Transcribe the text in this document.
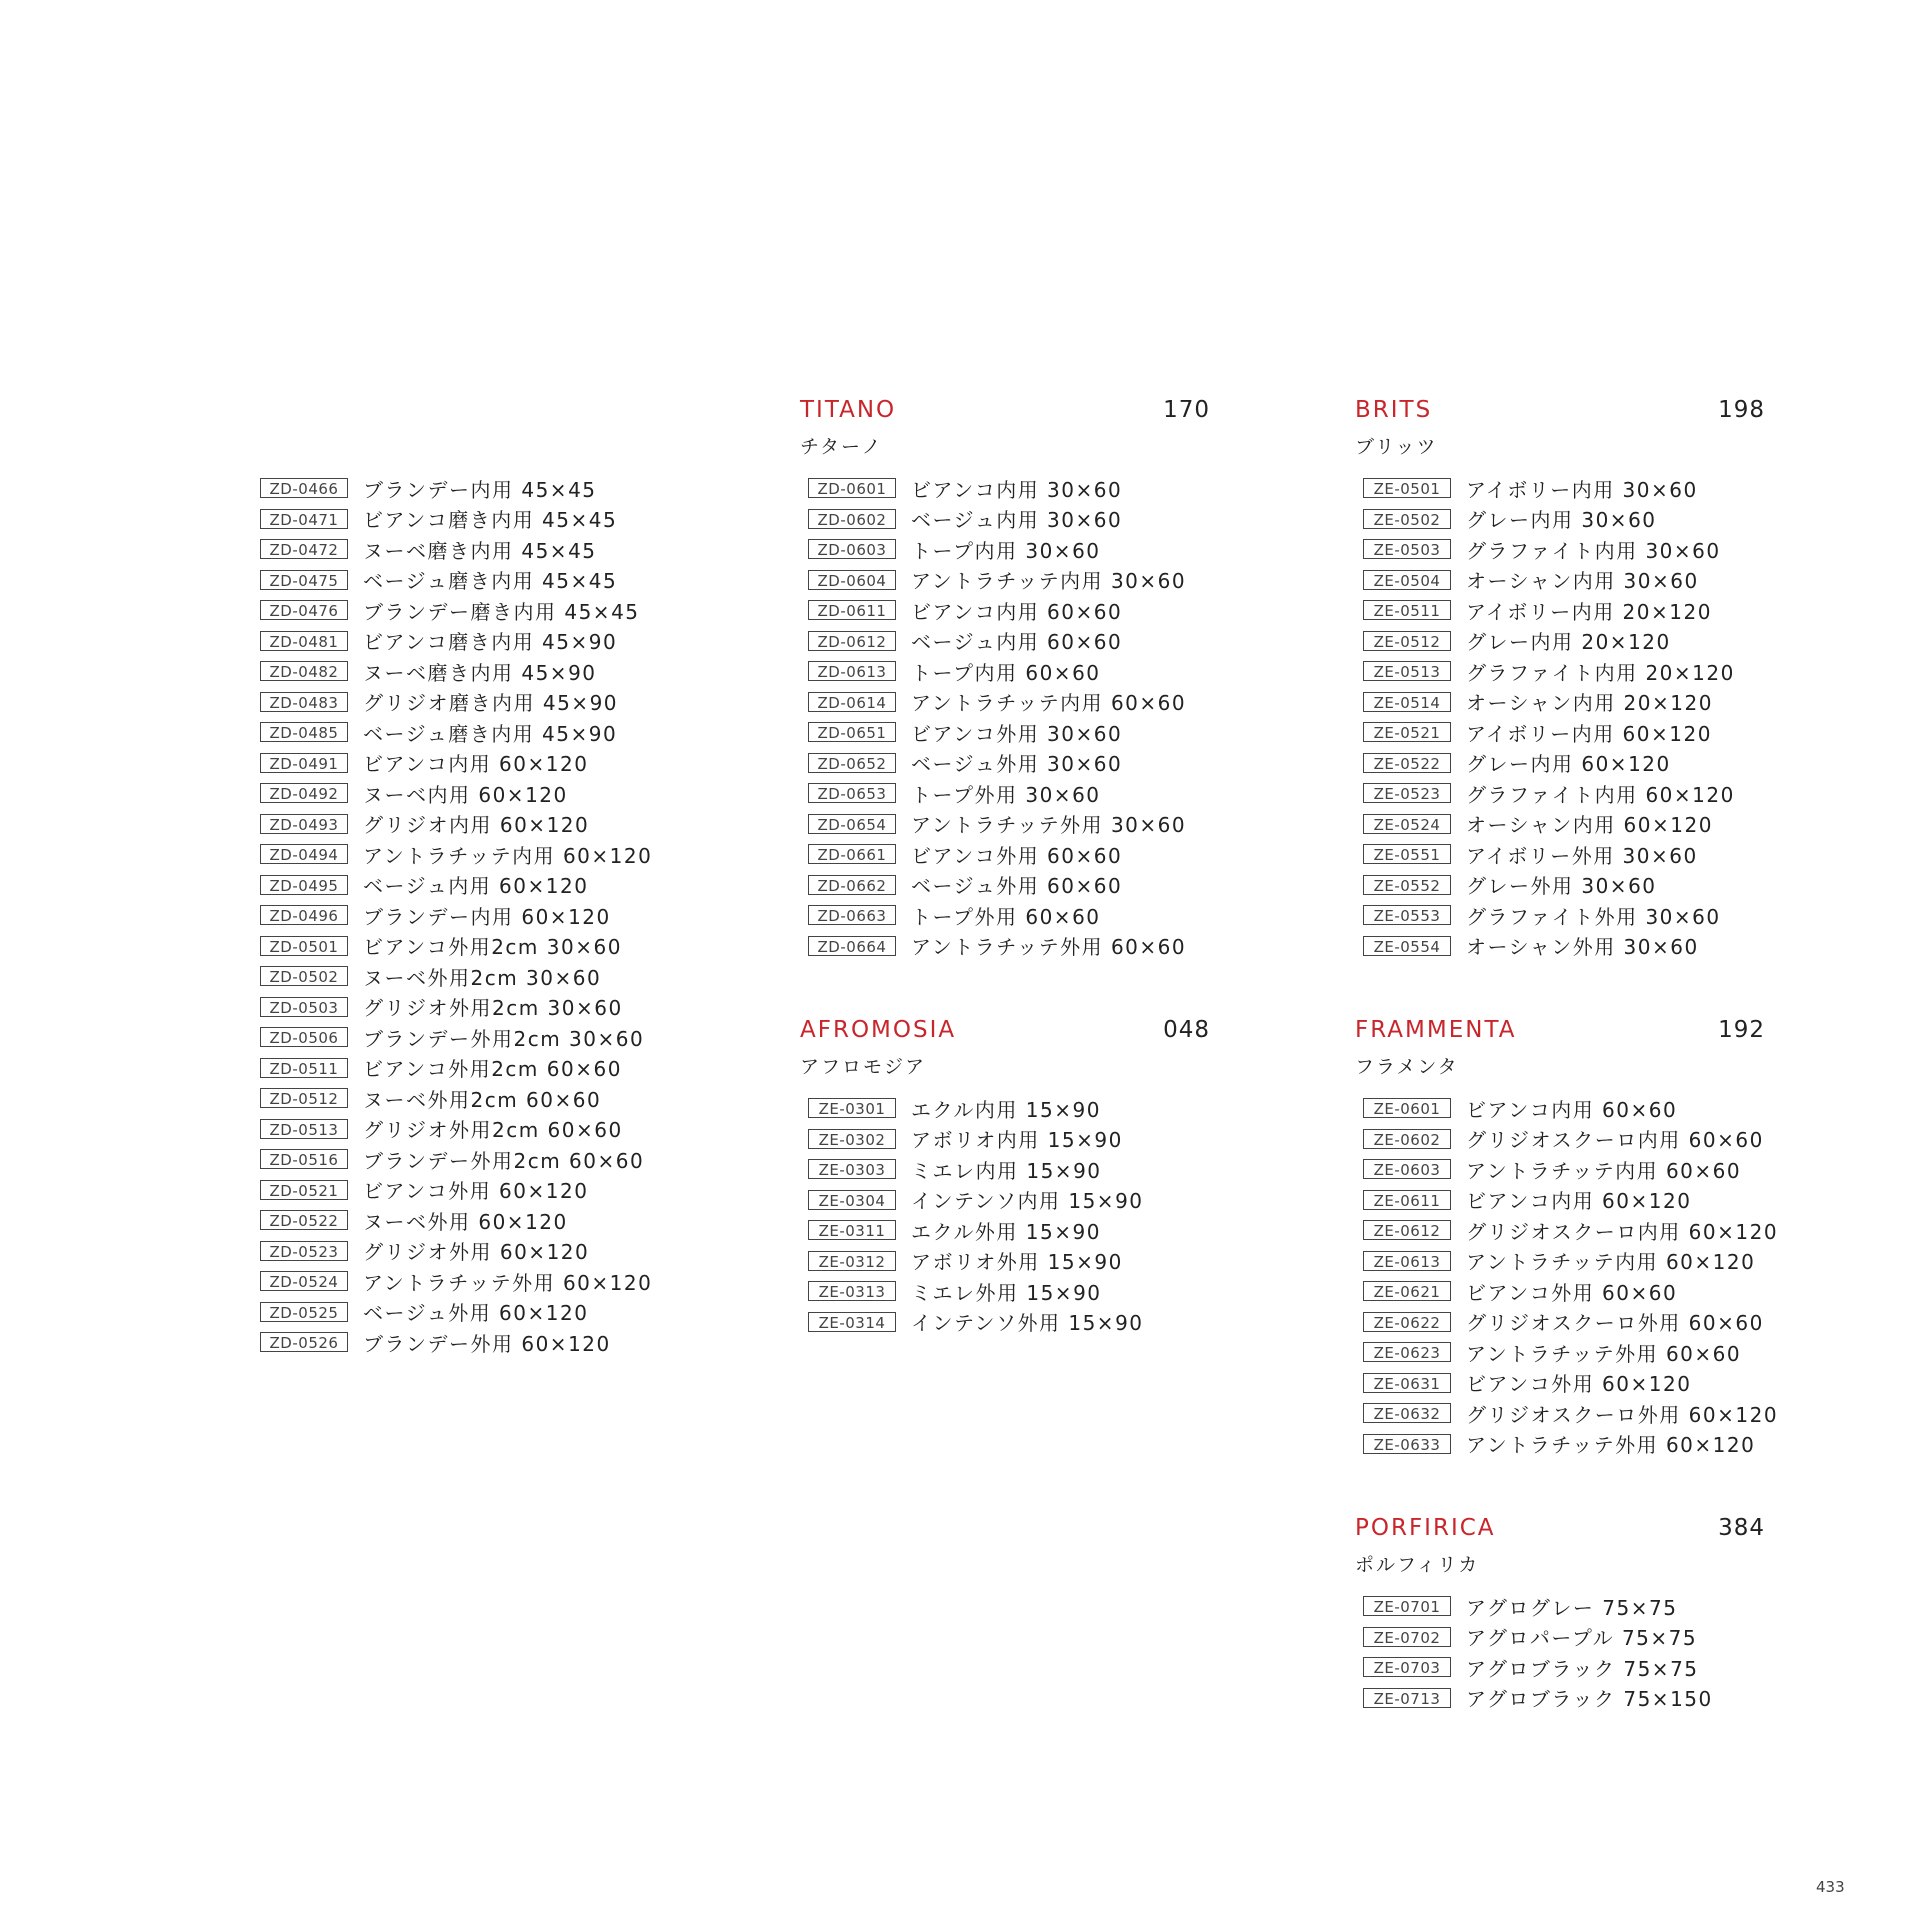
ZD-0466	ブランデー内用 45×45
ZD-0471	ビアンコ磨き内用 45×45
ZD-0472	ヌーベ磨き内用 45×45
ZD-0475	ベージュ磨き内用 45×45
ZD-0476	ブランデー磨き内用 45×45
ZD-0481	ビアンコ磨き内用 45×90
ZD-0482	ヌーベ磨き内用 45×90
ZD-0483	グリジオ磨き内用 45×90
ZD-0485	ベージュ磨き内用 45×90
ZD-0491	ビアンコ内用 60×120
ZD-0492	ヌーベ内用 60×120
ZD-0493	グリジオ内用 60×120
ZD-0494	アントラチッテ内用 60×120
ZD-0495	ベージュ内用 60×120
ZD-0496	ブランデー内用 60×120
ZD-0501	ビアンコ外用2cm 30×60
ZD-0502	ヌーベ外用2cm 30×60
ZD-0503	グリジオ外用2cm 30×60
ZD-0506	ブランデー外用2cm 30×60
ZD-0511	ビアンコ外用2cm 60×60
ZD-0512	ヌーベ外用2cm 60×60
ZD-0513	グリジオ外用2cm 60×60
ZD-0516	ブランデー外用2cm 60×60
ZD-0521	ビアンコ外用 60×120
ZD-0522	ヌーベ外用 60×120
ZD-0523	グリジオ外用 60×120
ZD-0524	アントラチッテ外用 60×120
ZD-0525	ベージュ外用 60×120
ZD-0526	ブランデー外用 60×120
TITANO	170
チターノ
ZD-0601	ビアンコ内用 30×60
ZD-0602	ベージュ内用 30×60
ZD-0603	トープ内用 30×60
ZD-0604	アントラチッテ内用 30×60
ZD-0611	ビアンコ内用 60×60
ZD-0612	ベージュ内用 60×60
ZD-0613	トープ内用 60×60
ZD-0614	アントラチッテ内用 60×60
ZD-0651	ビアンコ外用 30×60
ZD-0652	ベージュ外用 30×60
ZD-0653	トープ外用 30×60
ZD-0654	アントラチッテ外用 30×60
ZD-0661	ビアンコ外用 60×60
ZD-0662	ベージュ外用 60×60
ZD-0663	トープ外用 60×60
ZD-0664	アントラチッテ外用 60×60
AFROMOSIA	048
アフロモジア
ZE-0301	エクル内用 15×90
ZE-0302	アボリオ内用 15×90
ZE-0303	ミエレ内用 15×90
ZE-0304	インテンソ内用 15×90
ZE-0311	エクル外用 15×90
ZE-0312	アボリオ外用 15×90
ZE-0313	ミエレ外用 15×90
ZE-0314	インテンソ外用 15×90
BRITS	198
ブリッツ
ZE-0501	アイボリー内用 30×60
ZE-0502	グレー内用 30×60
ZE-0503	グラファイト内用 30×60
ZE-0504	オーシャン内用 30×60
ZE-0511	アイボリー内用 20×120
ZE-0512	グレー内用 20×120
ZE-0513	グラファイト内用 20×120
ZE-0514	オーシャン内用 20×120
ZE-0521	アイボリー内用 60×120
ZE-0522	グレー内用 60×120
ZE-0523	グラファイト内用 60×120
ZE-0524	オーシャン内用 60×120
ZE-0551	アイボリー外用 30×60
ZE-0552	グレー外用 30×60
ZE-0553	グラファイト外用 30×60
ZE-0554	オーシャン外用 30×60
FRAMMENTA	192
フラメンタ
ZE-0601	ビアンコ内用 60×60
ZE-0602	グリジオスクーロ内用 60×60
ZE-0603	アントラチッテ内用 60×60
ZE-0611	ビアンコ内用 60×120
ZE-0612	グリジオスクーロ内用 60×120
ZE-0613	アントラチッテ内用 60×120
ZE-0621	ビアンコ外用 60×60
ZE-0622	グリジオスクーロ外用 60×60
ZE-0623	アントラチッテ外用 60×60
ZE-0631	ビアンコ外用 60×120
ZE-0632	グリジオスクーロ外用 60×120
ZE-0633	アントラチッテ外用 60×120
PORFIRICA	384
ポルフィリカ
ZE-0701	アグログレー 75×75
ZE-0702	アグロパープル 75×75
ZE-0703	アグロブラック 75×75
ZE-0713	アグロブラック 75×150
433
